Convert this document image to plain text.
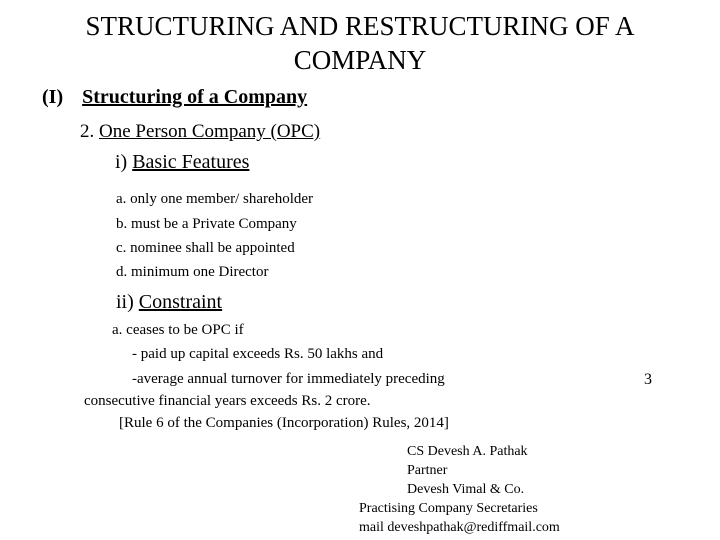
STRUCTURING AND RESTRUCTURING OF A
COMPANY
(I) Structuring of a Company
2. One Person Company (OPC)
i) Basic Features
a. only one member/ shareholder
b. must be a Private Company
c. nominee shall be appointed
d. minimum one Director
ii) Constraint
a. ceases to be OPC if
- paid up capital exceeds Rs. 50 lakhs and
-average annual turnover for immediately preceding
consecutive financial years exceeds Rs. 2 crore.
[Rule 6 of the Companies (Incorporation) Rules, 2014]
3
CS Devesh A. Pathak
Partner
Devesh Vimal & Co.
Practising Company Secretaries
mail deveshpathak@rediffmail.com
